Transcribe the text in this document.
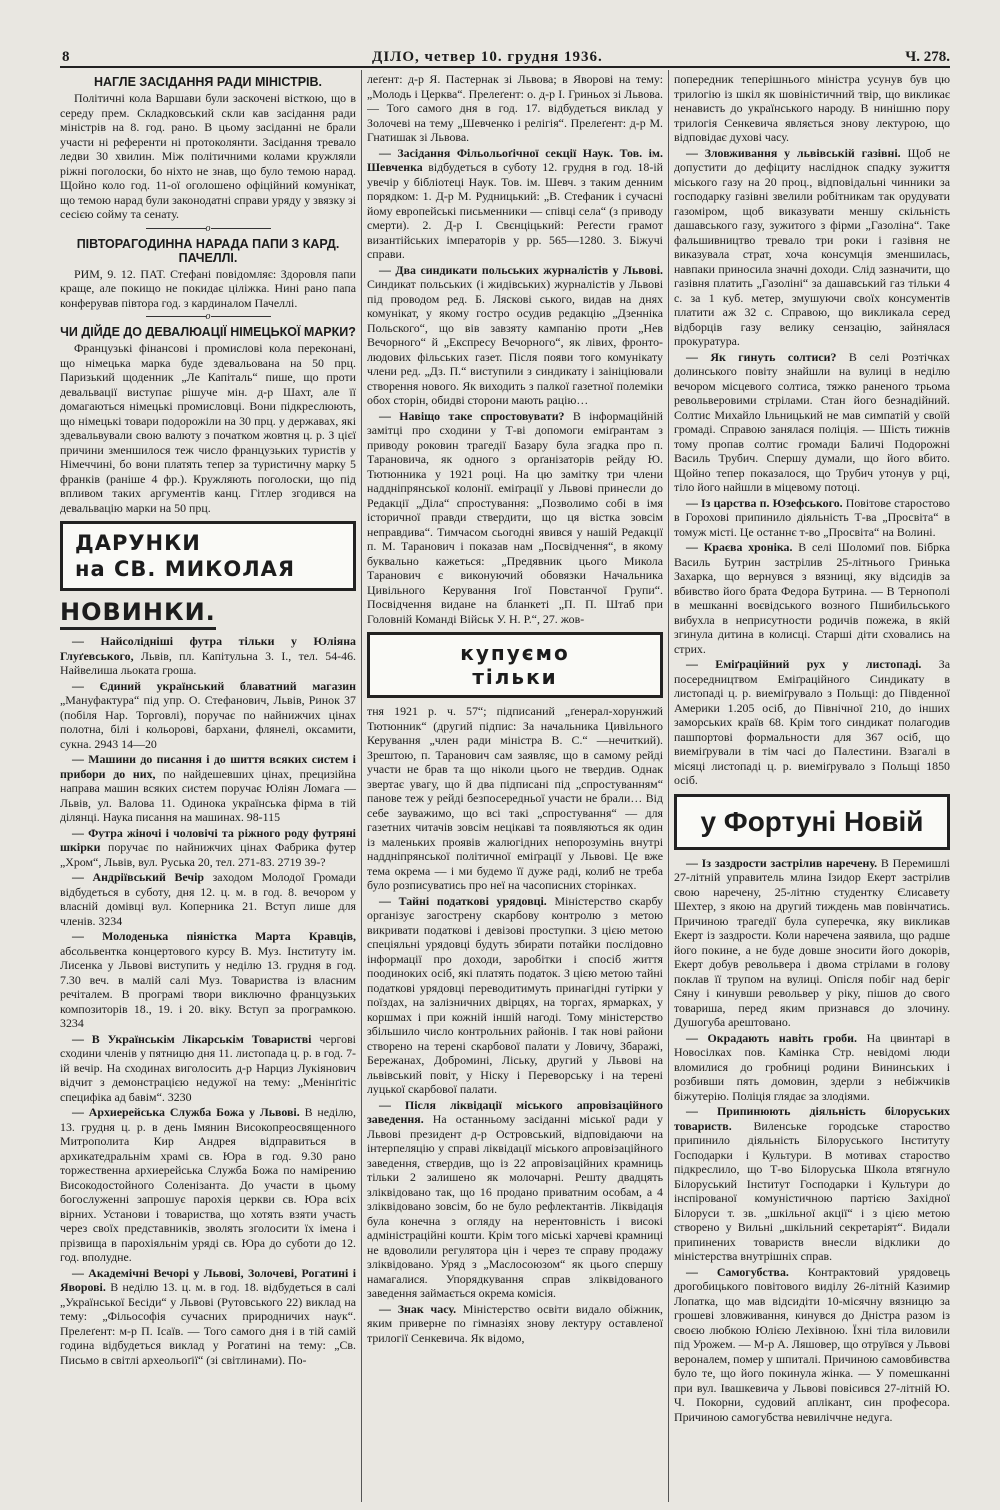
8	ДІЛО, четвер 10. грудня 1936.	Ч. 278.
НАГЛЕ ЗАСІДАННЯ РАДИ МІНІСТРІВ.

Політичні кола Варшави були заскочені вісткою, що в середу прем. Складковський скли кав засідання ради міністрів на 8. год. рано. В цьому засіданні не брали участи ні референти ні протоколянти. Засідання тревало ледви 30 хвилин. Між політичними колами кружляли ріжні поголоски, бо ніхто не знав, що було темою нарад. Щойно коло год. 11-ої оголошено офіційний комунікат, що темою нарад були законодатні справи уряду у звязку зі сесією сойму та сенату.

о
ПІВТОРАГОДИННА НАРАДА ПАПИ З КАРД. ПАЧЕЛЛІ.

РИМ, 9. 12. ПАТ. Стефані повідомляє: Здоровля папи краще, але покищо не покидає ціліжка. Нині рано папа конферував півтора год. з кардиналом Пачеллі.

о
ЧИ ДІЙДЕ ДО ДЕВАЛЮАЦІЇ НІМЕЦЬКОЇ МАРКИ?

Французькі фінансові і промислові кола переконані, що німецька марка буде здевальована на 50 прц. Паризький щоденник „Ле Капіталь“ пише, що проти девальвації виступає рішуче мін. д-р Шахт, але її домагаються німецькі промисловці. Вони підкреслюють, що німецькі товари подорожіли на 30 прц. у державах, які здевальвували свою валюту з початком жовтня ц. р. З цієї причини зменшилося теж число французьких туристів у Німеччині, бо вони платять тепер за туристичну марку 5 франків (раніше 4 фр.). Кружляють поголоски, що під впливом таких аргументів канц. Гітлер згодився на девальвацію марки на 50 прц.

ДАРУНКИ
на СВ. МИКОЛАЯ
НОВИНКИ.

— Найсолідніші футра тільки у Юліяна Глуґевського, Львів, пл. Капітульна 3. І., тел. 54-46. Найвелиша льоката гроша.

— Єдиний український блаватний магазин „Мануфактура“ під упр. О. Стефанович, Львів, Ринок 37 (побіля Нар. Торговлі), поручає по найнижчих цінах полотна, білі і кольорові, бархани, флянелі, оксамити, сукна. 2943 14—20

— Машини до писання і до шиття всяких систем і прибори до них, по найдешевших цінах, прецизійна направа машин всяких систем поручає Юліян Ломага — Львів, ул. Валова 11. Одинока українська фірма в тій ділянці. Наука писання на машинах. 98-115

— Футра жіночі і чоловічі та ріжного роду футряні шкірки поручає по найнижчих цінах Фабрика футер „Хром“, Львів, вул. Руська 20, тел. 271-83. 2719 39-?

— Андріївський Вечір заходом Молодої Громади відбудеться в суботу, дня 12. ц. м. в год. 8. вечором у власній домівці вул. Коперника 21. Вступ лише для членів. 3234

— Молоденька піяністка Марта Кравців, абсольвентка концертового курсу В. Муз. Інституту ім. Лисенка у Львові виступить у неділю 13. грудня в год. 7.30 веч. в малій салі Муз. Товариства із власним речіталем. В програмі твори виключно французьких композиторів 18., 19. і 20. віку. Вступ за програмкою. 3234

— В Українськім Лікарськім Товаристві чергові сходини членів у пятницю дня 11. листопада ц. р. в год. 7-ій вечір. На сходинах виголосить д-р Нарциз Лукіянович відчит з демонстрацією недужої на тему: „Менінґітіс специфіка ад бавім“. 3230

— Архиерейська Служба Божа у Львові. В неділю, 13. грудня ц. р. в день Імянин Високопреосвященного Митрополита Кир Андрея відправиться в архикатедральнім храмі св. Юра в год. 9.30 рано торжественна архиерейська Служба Божа по намірению Високодостойного Соленізанта. До участи в цьому богослуженні запрошує парохія церкви св. Юра всіх вірних. Установи і товариства, що хотять взяти участь через своїх представників, зволять зголосити їх імена і прізвища в парохіяльнім уряді св. Юра до суботи до 12. год. вполудне.

— Академічні Вечорі у Львові, Золочеві, Рогатині і Яворові. В неділю 13. ц. м. в год. 18. відбудеться в салі „Української Бесіди“ у Львові (Рутовського 22) виклад на тему: „Фільософія сучасних природничих наук“. Прелеґент: м-р П. Ісаїв. — Того самого дня і в тій самій година відбудеться виклад у Рогатині на тему: „Св. Письмо в світлі археольоґії“ (зі світлинами). По-

леґент: д-р Я. Пастернак зі Львова; в Яворові на тему: „Молодь і Церква“. Прелеґент: о. д-р І. Гриньох зі Львова. — Того самого дня в год. 17. відбудеться виклад у Золочеві на тему „Шевченко і релігія“. Прелеґент: д-р М. Гнатишак зі Львова.

— Засідання Фільольоґічної секції Наук. Тов. ім. Шевченка відбудеться в суботу 12. грудня в год. 18-ій увечір у бібліотеці Наук. Тов. ім. Шевч. з таким денним порядком: 1. Д-р М. Рудницький: „В. Стефаник і сучасні йому европейські письменники — співці села“ (з приводу смерти). 2. Д-р І. Свєнціцький: Реґести грамот византійських імператорів у рр. 565—1280. 3. Біжучі справи.

— Два синдикати польських журналістів у Львові. Синдикат польських (і жидівських) журналістів у Львові під проводом ред. Б. Ляскові ського, видав на днях комунікат, у якому гостро осудив редакцію „Дзенніка Польского“, що вів завзяту кампанію проти „Нев Вечорного“ й „Експресу Вечорного“, як лівих, фронто-людових фільських газет. Після появи того комунікату члени ред. „Дз. П.“ виступили з синдикату і заініціювали створення нового. Як виходить з палкої газетної полеміки обох сторін, обидві сторони мають рацію…

— Навіщо таке спростовувати? В інформаційній замітці про сходини у Т-ві допомоги еміґрантам з приводу роковин трагедії Базару була згадка про п. Тарановича, як одного з орґанізаторів рейду Ю. Тютюнника у 1921 році. На цю замітку три члени наддніпрянської колонії. еміґрації у Львові принесли до Редакції „Діла“ спростування: „Позволимо собі в імя історичної правди ствердити, що ця вістка зовсім неправдива“. Тимчасом сьогодні явився у нашій Редакції п. М. Таранович і показав нам „Посвідчення“, в якому буквально кажеться: „Предявник цього Микола Таранович є виконуючий обовязки Начальника Цивільного Керування Ігої Повстанчої Групи“. Посвідчення видане на бланкеті „П. П. Штаб при Головній Команді Військ У. Н. Р.“, 27. жов-

купуємо
тільки

тня 1921 р. ч. 57“; підписаний „ґенерал-хорунжий Тютюнник“ (другий підпис: За начальника Цивільного Керування „член ради міністра В. С.“ —нечиткий). Зрештою, п. Таранович сам заявляє, що в самому рейді участи не брав та що ніколи цього не твердив. Однак звертає увагу, що й два підписані під „спростуванням“ панове теж у рейді безпосередньої участи не брали… Від себе зауважимо, що всі такі „спростування“ — для газетних читачів зовсім нецікаві та появляються як один із маленьких проявів жалюгідних непорозумінь внутрі наддніпрянської політичної еміґрації у Львові. Це вже тема окрема — і ми будемо її дуже раді, колиб не треба було розписуватись про неї на часописних сторінках.

— Тайні податкові урядовці. Міністерство скарбу організує загострену скарбову контролю з метою викривати податкові і девізові проступки. З цією метою спеціяльні урядовці будуть збирати потайки послідовно інформації про доходи, заробітки і спосіб життя поодиноких осіб, які платять податок. З цією метою тайні податкові урядовці переводитимуть принагідні гутірки у поїздах, на залізничних двірцях, на торгах, ярмарках, у коршмах і при кожній іншій нагоді. Тому міністерство збільшило число контрольних районів. І так нові райони створено на терені скарбової палати у Ловичу, Збаражі, Бережанах, Добромині, Ліську, другий у Львові на львівський повіт, у Ніску і Переворську і на терені луцької скарбової палати.

— Після ліквідації міського апровізаційного заведення. На останньому засіданні міської ради у Львові президент д-р Островський, відповідаючи на інтерпеляцію у справі ліквідації міського апровізаційного заведення, ствердив, що із 22 апровізаційних крамниць тільки 2 залишено як молочарні. Решту двадцять зліквідовано так, що 16 продано приватним особам, а 4 зліквідовано зовсім, бо не було рефлектантів. Ліквідація була конечна з огляду на нерентовність і високі адміністраційні кошти. Крім того міські харчеві крамниці не вдоволили регулятора цін і через те справу продажу зліквідовано. Уряд з „Маслосоюзом“ як цього спершу намагалися. Упорядкування справ зліквідованого заведення займається окрема комісія.

— Знак часу. Міністерство освіти видало обіжник, яким приверне по гімназіях знову лектуру оставленої трилогії Сенкевича. Як відомо,

попередник теперішнього міністра усунув був цю трилогію із шкіл як шовіністичний твір, що викликає ненависть до українського народу. В нинішню пору трилогія Сенкевича являється знову лектурою, що відповідає духові часу.

— Зловживання у львівській газівні. Щоб не допустити до дефіциту насліднок спадку зужиття міського газу на 20 проц., відповідальні чинники за господарку газівні звелили робітникам так орудувати газоміром, щоб виказувати меншу скільність дашавського газу, зужитого з фірми „Газоліна“. Таке фальшивництво тревало три роки і газівня не виказувала страт, хоча консумція зменшилась, навпаки приносила значні доходи. Слід зазначити, що газівня платить „Газоліні“ за дашавський газ тільки 4 с. за 1 куб. метер, змушуючи своїх консументів платити аж 32 с. Справою, що викликала серед відборців газу велику сензацію, зайнялася прокуратура.

— Як гинуть солтиси? В селі Розтічках долинського повіту знайшли на вулиці в неділю вечором місцевого солтиса, тяжко раненого трьома револьверовими стрілами. Стан його безнадійний. Солтис Михайло Ільницький не мав симпатій у своїй громаді. Справою занялася поліція. — Шість тижнів тому пропав солтис громади Баличі Подорожні Василь Трубич. Спершу думали, що його вбито. Щойно тепер показалося, що Трубич утонув у рці, тіло його найшли в міцевому потоці.

— Із царства п. Юзефського. Повітове старостово в Горохові припинило діяльність Т-ва „Просвіта“ в томуж місті. Це останнє т-во „Просвіта“ на Волині.

— Краєва хроніка. В селі Шоломиї пов. Бібрка Василь Бутрин застрілив 25-літнього Гринька Захарка, що вернувся з вязниці, яку відсидів за вбивство його брата Федора Бутрина. — В Тернополі в мешканні воєвідського возного Пшибильського вибухла в неприсутности родичів пожежа, в якій згинула дитина в колисці. Старші діти сховались на стрих.

— Еміґраційний рух у листопаді. За посередництвом Еміґраційного Синдикату в листопаді ц. р. виеміґрувало з Польщі: до Південної Америки 1.205 осіб, до Північної 210, до інших заморських країв 68. Крім того синдикат полагодив пашпортові формальности для 367 осіб, що виеміґрували в тім часі до Палестини. Взагалі в місяці листопаді ц. р. виеміґрувало з Польщі 1850 осіб.

у Фортуні Новій

— Із заздрости застрілив наречену. В Перемишлі 27-літній управитель млина Ізидор Екерт застрілив свою наречену, 25-літню студентку Єлисавету Шехтер, з якою на другий тиждень мав повінчатись. Причиною трагедії була суперечка, яку викликав Екерт із заздрости. Коли наречена заявила, що радше його покине, а не буде довше зносити його докорів, Екерт добув револьвера і двома стрілами в голову поклав її трупом на вулиці. Опісля побіг над беріг Сяну і кинувши револьвер у ріку, пішов до свого товариша, перед яким признався до злочину. Душогуба арештовано.

— Окрадають навіть гроби. На цвинтарі в Новосілках пов. Камінка Стр. невідомі люди вломилися до гробниці родини Вининських і розбивши пять домовин, здерли з небіжчиків біжутерію. Поліція глядає за злодіями.

— Припинюють діяльність білоруських товариств. Виленське городське староство припинило діяльність Білоруського Інституту Господарки і Культури. В мотивах староство підкреслило, що Т-во Білоруська Школа втягнуло Білоруський Інститут Господарки і Культури до інспірованої комуністичною партією Західної Білоруси т. зв. „шкільної акції“ і з цією метою створено у Вильні „шкільний секретаріят“. Видали припинених товариств внесли відклики до міністерства внутрішніх справ.

— Самогубства. Контрактовий урядовець дрогобицького повітового виділу 26-літній Казимир Лопатка, що мав відсидіти 10-місячну вязницю за грошеві зловживання, кинувся до Дністра разом із своєю любкою Юлією Лехівною. Їхні тіла виловили під Урожем. — М-р А. Ляшовер, що отруївся у Львові вероналем, помер у шпиталі. Причиною самовбивства було те, що його покинула жінка. — У помешканні при вул. Івашкевича у Львові повісився 27-літній Ю. Ч. Покорни, судовий аплікант, син професора. Причиною самогубства невиліччне недуга.
